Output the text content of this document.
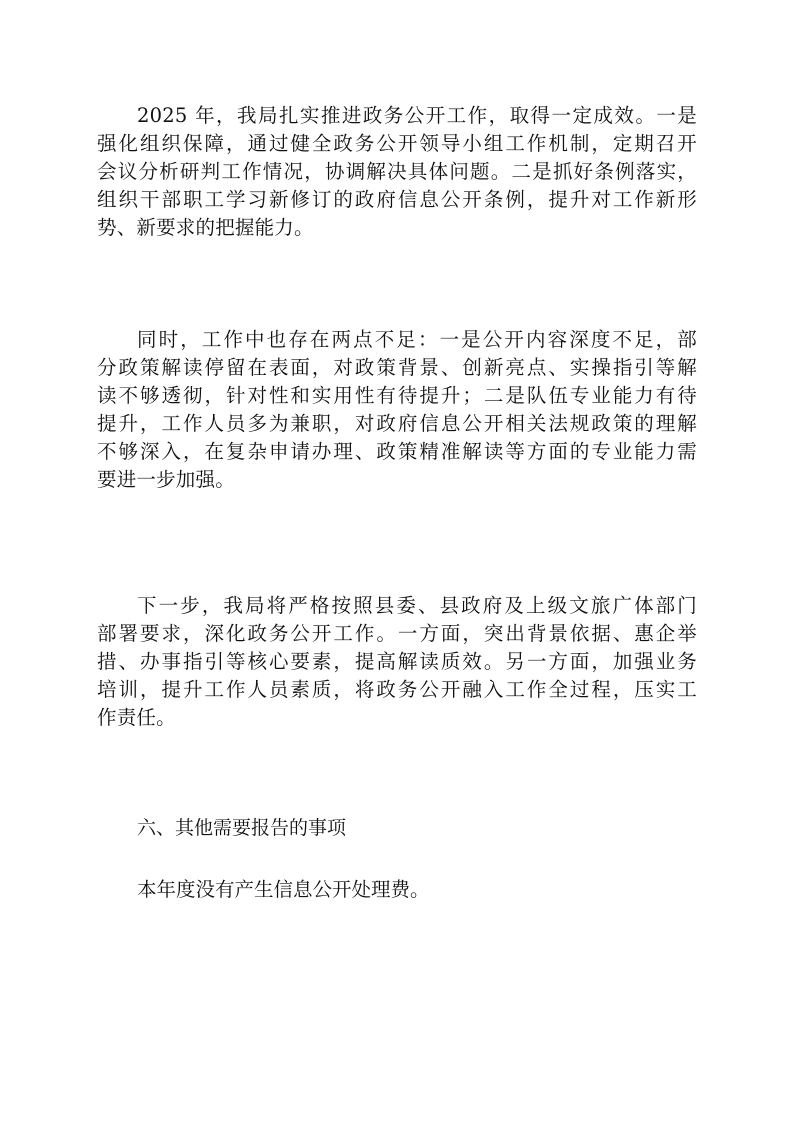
2025 年，我局扎实推进政务公开工作，取得一定成效。一是
强化组织保障，通过健全政务公开领导小组工作机制，定期召开
会议分析研判工作情况，协调解决具体问题。二是抓好条例落实，
组织干部职工学习新修订的政府信息公开条例，提升对工作新形
势、新要求的把握能力。
同时，工作中也存在两点不足：一是公开内容深度不足，部
分政策解读停留在表面，对政策背景、创新亮点、实操指引等解
读不够透彻，针对性和实用性有待提升；二是队伍专业能力有待
提升，工作人员多为兼职，对政府信息公开相关法规政策的理解
不够深入，在复杂申请办理、政策精准解读等方面的专业能力需
要进一步加强。
下一步，我局将严格按照县委、县政府及上级文旅广体部门
部署要求，深化政务公开工作。一方面，突出背景依据、惠企举
措、办事指引等核心要素，提高解读质效。另一方面，加强业务
培训，提升工作人员素质，将政务公开融入工作全过程，压实工
作责任。
六、其他需要报告的事项
本年度没有产生信息公开处理费。
